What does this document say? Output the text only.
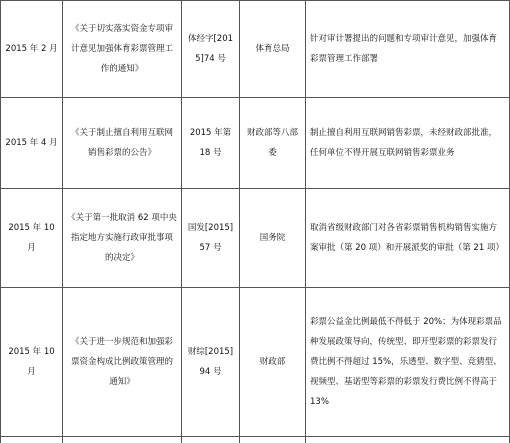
2015 年 2 月	《关于切实落实资金专项审计意见加强体育彩票管理工作的通知》	体经字[2015]74 号	体育总局	针对审计署提出的问题和专项审计意见，加强体育彩票管理工作部署
2015 年 4 月	《关于制止擅自利用互联网销售彩票的公告》	2015 年第 18 号	财政部等八部委	制止擅自利用互联网销售彩票，未经财政部批准，任何单位不得开展互联网销售彩票业务
2015 年 10 月	《关于第一批取消 62 项中央指定地方实施行政审批事项的决定》	国发[2015]57 号	国务院	取消省级财政部门对各省彩票销售机构销售实施方案审批（第 20 项）和开展派奖的审批（第 21 项）
2015 年 10 月	《关于进一步规范和加强彩票资金构成比例政策管理的通知》	财综[2015]94 号	财政部	彩票公益金比例最低不得低于 20%；为体现彩票品种发展政策导向，传统型、即开型彩票的彩票发行费比例不得超过 15%，乐透型、数字型、竞猜型、视频型、基诺型等彩票的彩票发行费比例不得高于 13%
